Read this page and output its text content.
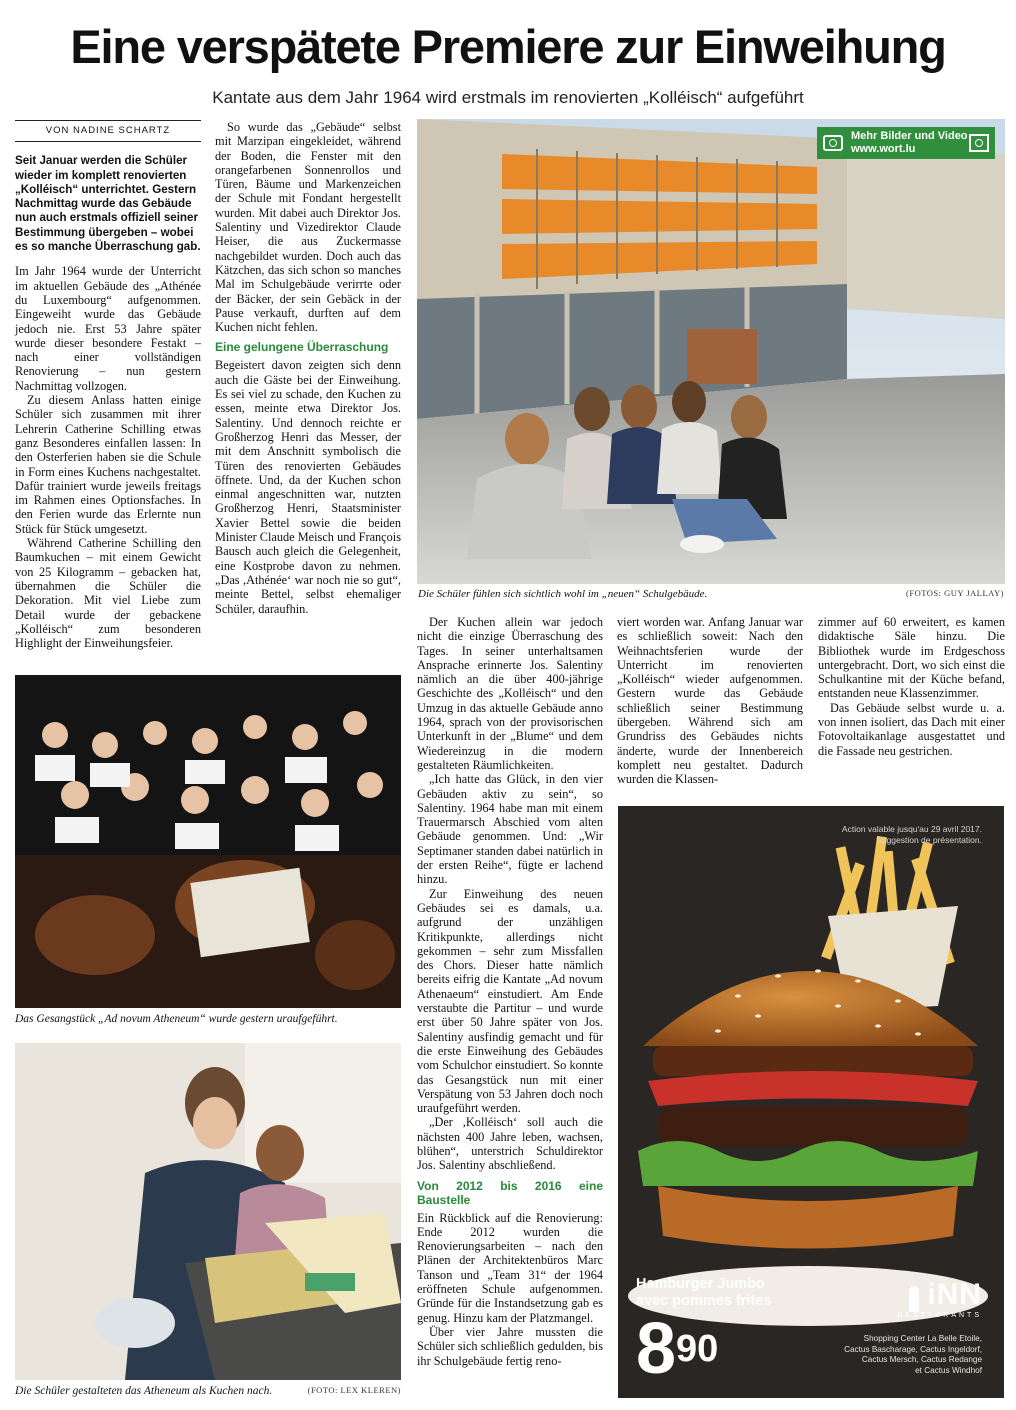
Eine verspätete Premiere zur Einweihung
Kantate aus dem Jahr 1964 wird erstmals im renovierten „Kolléisch“ aufgeführt
VON NADINE SCHARTZ
Seit Januar werden die Schüler wieder im komplett renovierten „Kolléisch“ unterrichtet. Gestern Nachmittag wurde das Gebäude nun auch erstmals offiziell seiner Bestimmung übergeben – wobei es so manche Überraschung gab.

Im Jahr 1964 wurde der Unterricht im aktuellen Gebäude des „Athénée du Luxembourg“ aufgenommen. Eingeweiht wurde das Gebäude jedoch nie. Erst 53 Jahre später wurde dieser besondere Festakt – nach einer vollständigen Renovierung – nun gestern Nachmittag vollzogen.

Zu diesem Anlass hatten einige Schüler sich zusammen mit ihrer Lehrerin Catherine Schilling etwas ganz Besonderes einfallen lassen: In den Osterferien haben sie die Schule in Form eines Kuchens nachgestaltet. Dafür trainiert wurde jeweils freitags im Rahmen eines Optionsfaches. In den Ferien wurde das Erlernte nun Stück für Stück umgesetzt.

Während Catherine Schilling den Baumkuchen – mit einem Gewicht von 25 Kilogramm – gebacken hat, übernahmen die Schüler die Dekoration. Mit viel Liebe zum Detail wurde der gebackene „Kolléisch“ zum besonderen Highlight der Einweihungsfeier.

So wurde das „Gebäude“ selbst mit Marzipan eingekleidet, während der Boden, die Fenster mit den orangefarbenen Sonnenrollos und Türen, Bäume und Markenzeichen der Schule mit Fondant hergestellt wurden. Mit dabei auch Direktor Jos. Salentiny und Vizedirektor Claude Heiser, die aus Zuckermasse nachgebildet wurden. Doch auch das Kätzchen, das sich schon so manches Mal im Schulgebäude verirrte oder der Bäcker, der sein Gebäck in der Pause verkauft, durften auf dem Kuchen nicht fehlen.

Eine gelungene Überraschung

Begeistert davon zeigten sich denn auch die Gäste bei der Einweihung. Es sei viel zu schade, den Kuchen zu essen, meinte etwa Direktor Jos. Salentiny. Und dennoch reichte er Großherzog Henri das Messer, der mit dem Anschnitt symbolisch die Türen des renovierten Gebäudes öffnete. Und, da der Kuchen schon einmal angeschnitten war, nutzten Großherzog Henri, Staatsminister Xavier Bettel sowie die beiden Minister Claude Meisch und François Bausch auch gleich die Gelegenheit, eine Kostprobe davon zu nehmen. „Das ,Athénée‘ war noch nie so gut“, meinte Bettel, selbst ehemaliger Schüler, daraufhin.

Mehr Bilder und Video
www.wort.lu
Die Schüler fühlen sich sichtlich wohl im „neuen“ Schulgebäude.	(FOTOS: GUY JALLAY)
Das Gesangstück „Ad novum Atheneum“ wurde gestern uraufgeführt.
Die Schüler gestalteten das Atheneum als Kuchen nach.	(FOTO: LEX KLEREN)

Der Kuchen allein war jedoch nicht die einzige Überraschung des Tages. In seiner unterhaltsamen Ansprache erinnerte Jos. Salentiny nämlich an die über 400-jährige Geschichte des „Kolléisch“ und den Umzug in das aktuelle Gebäude anno 1964, sprach von der provisorischen Unterkunft in der „Blume“ und dem Wiedereinzug in die modern gestalteten Räumlichkeiten.

„Ich hatte das Glück, in den vier Gebäuden aktiv zu sein“, so Salentiny. 1964 habe man mit einem Trauermarsch Abschied vom alten Gebäude genommen. Und: „Wir Septimaner standen dabei natürlich in der ersten Reihe“, fügte er lachend hinzu.

Zur Einweihung des neuen Gebäudes sei es damals, u.a. aufgrund der unzähligen Kritikpunkte, allerdings nicht gekommen – sehr zum Missfallen des Chors. Dieser hatte nämlich bereits eifrig die Kantate „Ad novum Athenaeum“ einstudiert. Am Ende verstaubte die Partitur – und wurde erst über 50 Jahre später von Jos. Salentiny ausfindig gemacht und für die erste Einweihung des Gebäudes vom Schulchor einstudiert. So konnte das Gesangstück nun mit einer Verspätung von 53 Jahren doch noch uraufgeführt werden.

„Der ,Kolléisch‘ soll auch die nächsten 400 Jahre leben, wachsen, blühen“, unterstrich Schuldirektor Jos. Salentiny abschließend.

Von 2012 bis 2016 eine Baustelle

Ein Rückblick auf die Renovierung: Ende 2012 wurden die Renovierungsarbeiten – nach den Plänen der Architektenbüros Marc Tanson und „Team 31“ der 1964 eröffneten Schule aufgenommen. Gründe für die Instandsetzung gab es genug. Hinzu kam der Platzmangel.

Über vier Jahre mussten die Schüler sich schließlich gedulden, bis ihr Schulgebäude fertig reno-

viert worden war. Anfang Januar war es schließlich soweit: Nach den Weihnachtsferien wurde der Unterricht im renovierten „Kolléisch“ wieder aufgenommen. Gestern wurde das Gebäude schließlich seiner Bestimmung übergeben. Während sich am Grundriss des Gebäudes nichts änderte, wurde der Innenbereich komplett neu gestaltet. Dadurch wurden die Klassen-

zimmer auf 60 erweitert, es kamen didaktische Säle hinzu. Die Bibliothek wurde im Erdgeschoss untergebracht. Dort, wo sich einst die Schulkantine mit der Küche befand, entstanden neue Klassenzimmer.

Das Gebäude selbst wurde u. a. von innen isoliert, das Dach mit einer Fotovoltaikanlage ausgestattet und die Fassade neu gestrichen.

Action valable jusqu'au 29 avril 2017.
Suggestion de présentation.
Hamburger Jumbo
avec pommes frites
890
iNN
RESTAURANTS
Shopping Center La Belle Etoile,
Cactus Bascharage, Cactus Ingeldorf,
Cactus Mersch, Cactus Redange
et Cactus Windhof
